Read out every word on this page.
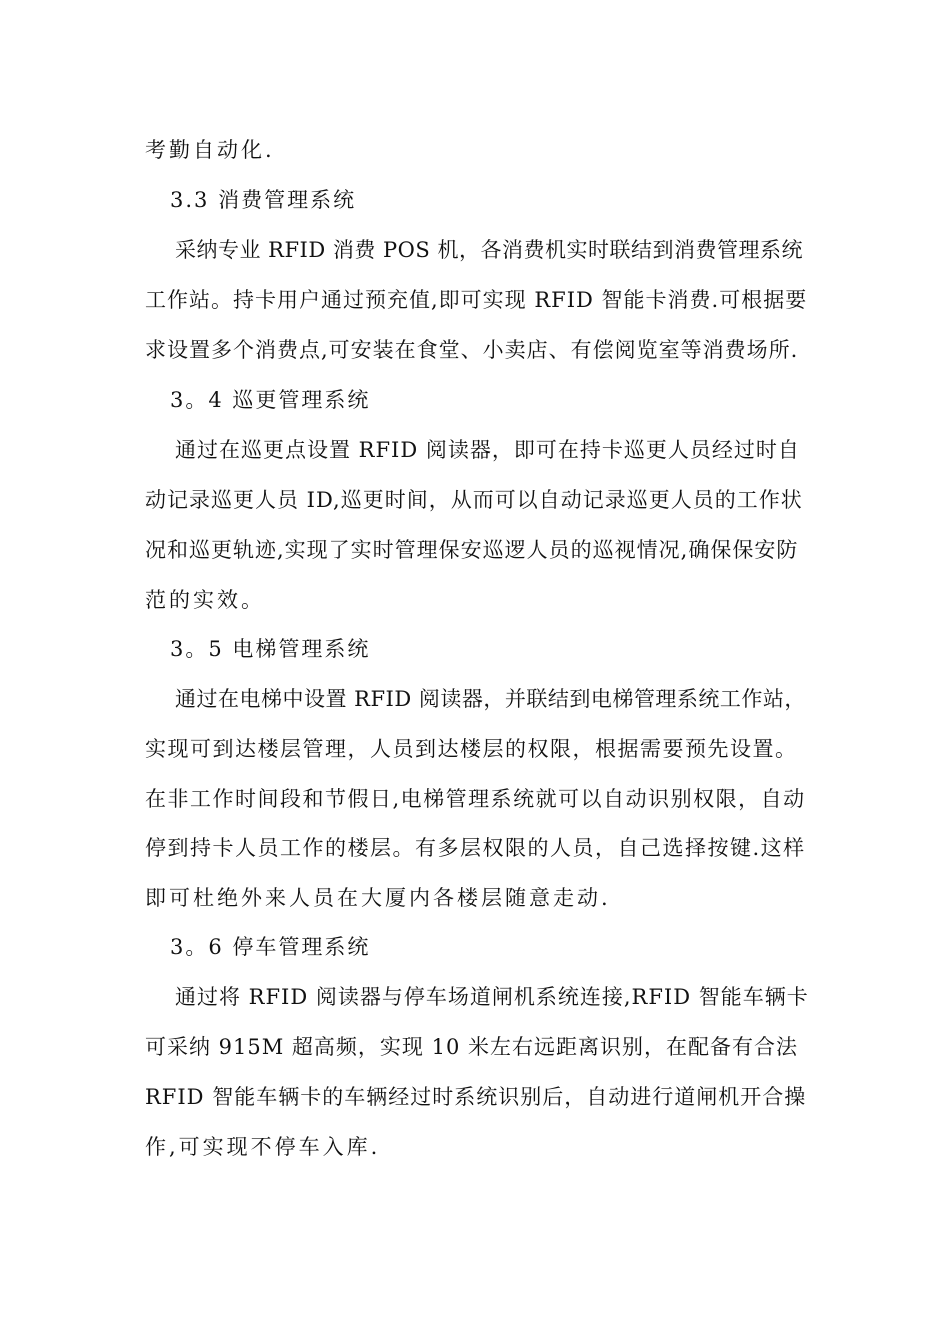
考勤自动化.
3.3 消费管理系统
采纳专业 RFID 消费 POS 机，各消费机实时联结到消费管理系统
工作站。持卡用户通过预充值,即可实现 RFID 智能卡消费.可根据要
求设置多个消费点,可安装在食堂、小卖店、有偿阅览室等消费场所.
3。4 巡更管理系统
通过在巡更点设置 RFID 阅读器，即可在持卡巡更人员经过时自
动记录巡更人员 ID,巡更时间，从而可以自动记录巡更人员的工作状
况和巡更轨迹,实现了实时管理保安巡逻人员的巡视情况,确保保安防
范的实效。
3。5 电梯管理系统
通过在电梯中设置 RFID 阅读器，并联结到电梯管理系统工作站，
实现可到达楼层管理，人员到达楼层的权限，根据需要预先设置。
在非工作时间段和节假日,电梯管理系统就可以自动识别权限，自动
停到持卡人员工作的楼层。有多层权限的人员，自己选择按键.这样
即可杜绝外来人员在大厦内各楼层随意走动.
3。6 停车管理系统
通过将 RFID 阅读器与停车场道闸机系统连接,RFID 智能车辆卡
可采纳 915M 超高频，实现 10 米左右远距离识别，在配备有合法
RFID 智能车辆卡的车辆经过时系统识别后，自动进行道闸机开合操
作,可实现不停车入库.
